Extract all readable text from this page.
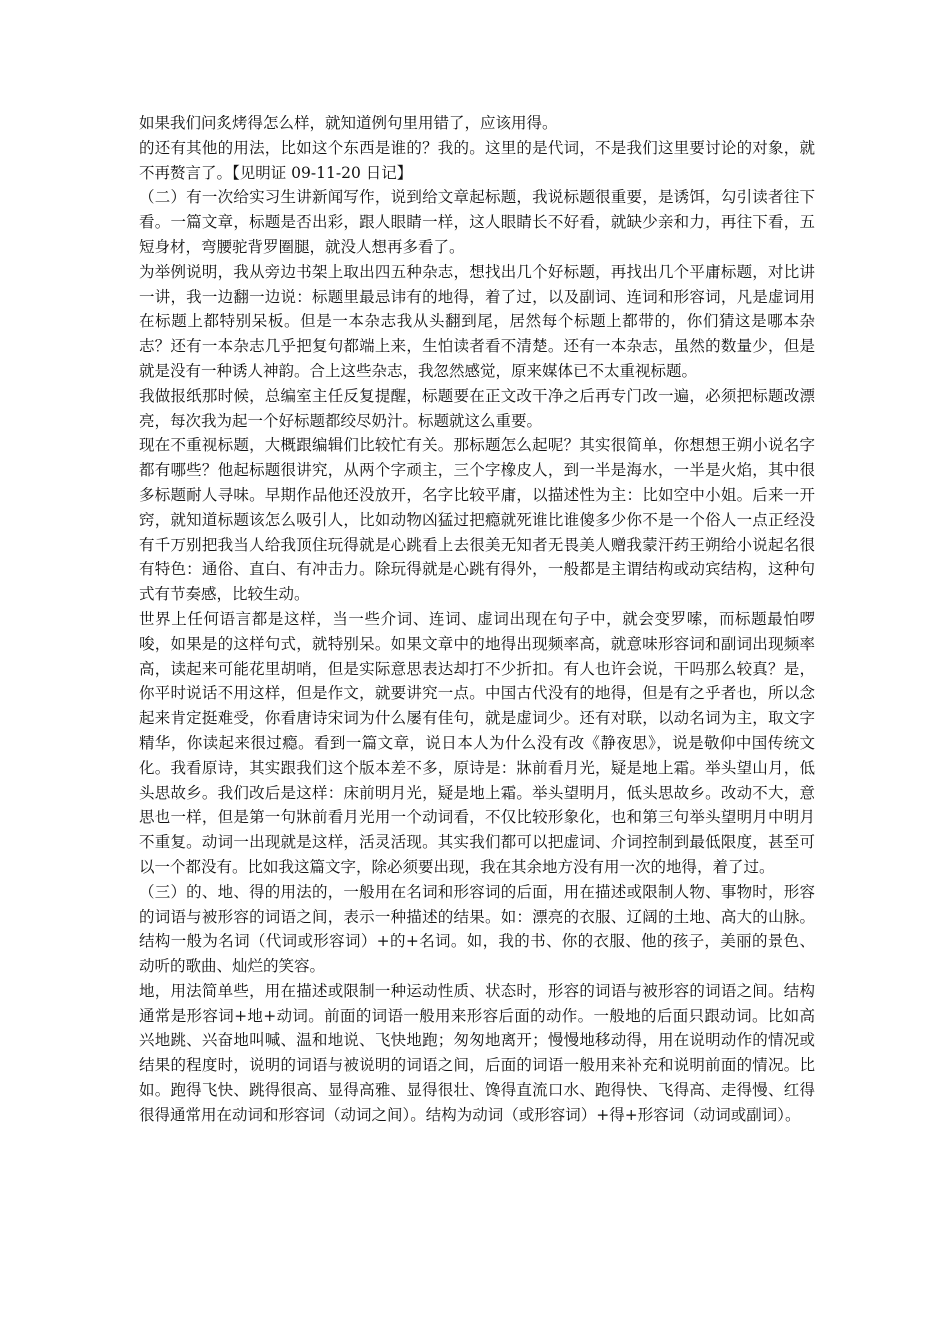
如果我们问炙烤得怎么样，就知道例句里用错了，应该用得。

的还有其他的用法，比如这个东西是谁的？我的。这里的是代词，不是我们这里要讨论的对象，就不再赘言了。【见明证 09-11-20 日记】

（二）有一次给实习生讲新闻写作，说到给文章起标题，我说标题很重要，是诱饵，勾引读者往下看。一篇文章，标题是否出彩，跟人眼睛一样，这人眼睛长不好看，就缺少亲和力，再往下看，五短身材，弯腰驼背罗圈腿，就没人想再多看了。

为举例说明，我从旁边书架上取出四五种杂志，想找出几个好标题，再找出几个平庸标题，对比讲一讲，我一边翻一边说：标题里最忌讳有的地得，着了过，以及副词、连词和形容词，凡是虚词用在标题上都特别呆板。但是一本杂志我从头翻到尾，居然每个标题上都带的，你们猜这是哪本杂志？还有一本杂志几乎把复句都端上来，生怕读者看不清楚。还有一本杂志，虽然的数量少，但是就是没有一种诱人神韵。合上这些杂志，我忽然感觉，原来媒体已不太重视标题。

我做报纸那时候，总编室主任反复提醒，标题要在正文改干净之后再专门改一遍，必须把标题改漂亮，每次我为起一个好标题都绞尽奶汁。标题就这么重要。

现在不重视标题，大概跟编辑们比较忙有关。那标题怎么起呢？其实很简单，你想想王朔小说名字都有哪些？他起标题很讲究，从两个字顽主，三个字橡皮人，到一半是海水，一半是火焰，其中很多标题耐人寻味。早期作品他还没放开，名字比较平庸，以描述性为主：比如空中小姐。后来一开窍，就知道标题该怎么吸引人，比如动物凶猛过把瘾就死谁比谁傻多少你不是一个俗人一点正经没有千万别把我当人给我顶住玩得就是心跳看上去很美无知者无畏美人赠我蒙汗药王朔给小说起名很有特色：通俗、直白、有冲击力。除玩得就是心跳有得外，一般都是主谓结构或动宾结构，这种句式有节奏感，比较生动。

世界上任何语言都是这样，当一些介词、连词、虚词出现在句子中，就会变罗嗦，而标题最怕啰唆，如果是的这样句式，就特别呆。如果文章中的地得出现频率高，就意味形容词和副词出现频率高，读起来可能花里胡哨，但是实际意思表达却打不少折扣。有人也许会说，干吗那么较真？是，你平时说话不用这样，但是作文，就要讲究一点。中国古代没有的地得，但是有之乎者也，所以念起来肯定挺难受，你看唐诗宋词为什么屡有佳句，就是虚词少。还有对联，以动名词为主，取文字精华，你读起来很过瘾。看到一篇文章，说日本人为什么没有改《静夜思》，说是敬仰中国传统文化。我看原诗，其实跟我们这个版本差不多，原诗是：牀前看月光，疑是地上霜。举头望山月，低头思故乡。我们改后是这样：床前明月光，疑是地上霜。举头望明月，低头思故乡。改动不大，意思也一样，但是第一句牀前看月光用一个动词看，不仅比较形象化，也和第三句举头望明月中明月不重复。动词一出现就是这样，活灵活现。其实我们都可以把虚词、介词控制到最低限度，甚至可以一个都没有。比如我这篇文字，除必须要出现，我在其余地方没有用一次的地得，着了过。

（三）的、地、得的用法的，一般用在名词和形容词的后面，用在描述或限制人物、事物时，形容的词语与被形容的词语之间，表示一种描述的结果。如：漂亮的衣服、辽阔的土地、高大的山脉。结构一般为名词（代词或形容词）+的+名词。如，我的书、你的衣服、他的孩子，美丽的景色、动听的歌曲、灿烂的笑容。

地，用法简单些，用在描述或限制一种运动性质、状态时，形容的词语与被形容的词语之间。结构通常是形容词+地+动词。前面的词语一般用来形容后面的动作。一般地的后面只跟动词。比如高兴地跳、兴奋地叫喊、温和地说、飞快地跑；匆匆地离开；慢慢地移动得，用在说明动作的情况或结果的程度时，说明的词语与被说明的词语之间，后面的词语一般用来补充和说明前面的情况。比如。跑得飞快、跳得很高、显得高雅、显得很壮、馋得直流口水、跑得快、飞得高、走得慢、红得很得通常用在动词和形容词（动词之间）。结构为动词（或形容词）+得+形容词（动词或副词）。
